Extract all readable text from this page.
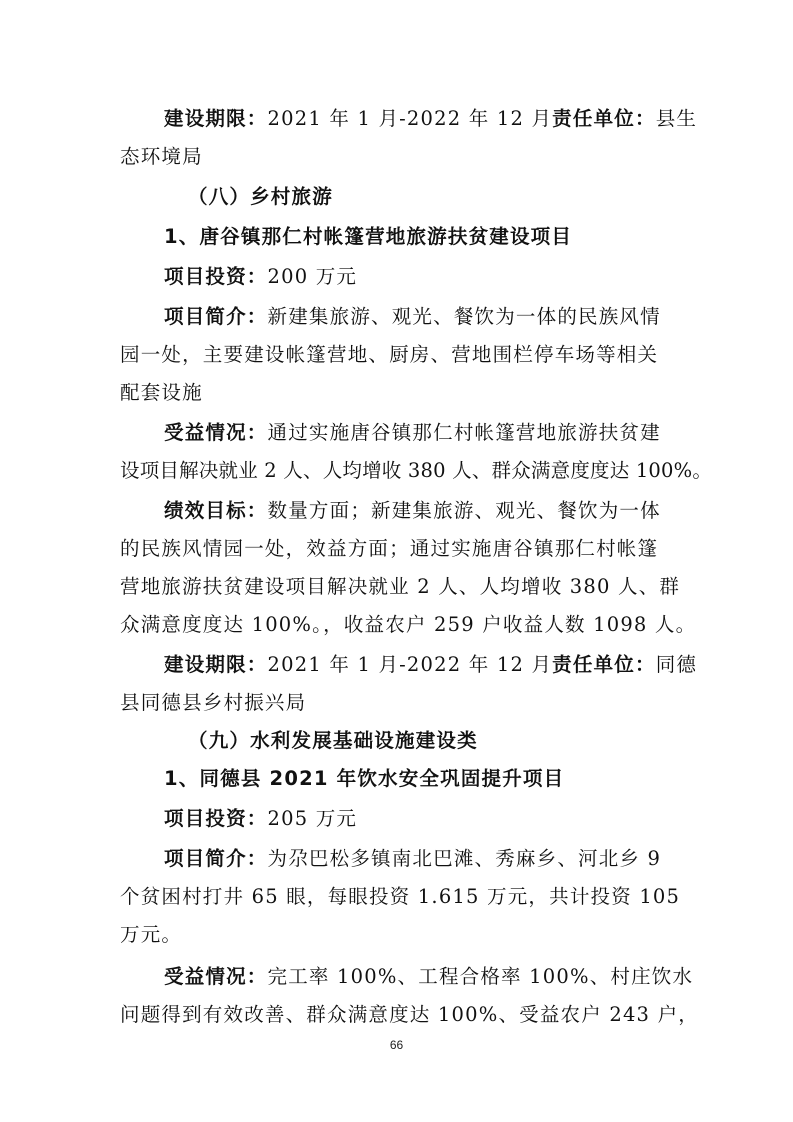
建设期限：2021 年 1 月-2022 年 12 月责任单位：县生
态环境局
（八）乡村旅游
1、唐谷镇那仁村帐篷营地旅游扶贫建设项目
项目投资：200 万元
项目简介：新建集旅游、观光、餐饮为一体的民族风情
园一处，主要建设帐篷营地、厨房、营地围栏停车场等相关
配套设施
受益情况：通过实施唐谷镇那仁村帐篷营地旅游扶贫建
设项目解决就业 2 人、人均增收 380 人、群众满意度度达 100%。
绩效目标：数量方面；新建集旅游、观光、餐饮为一体
的民族风情园一处，效益方面；通过实施唐谷镇那仁村帐篷
营地旅游扶贫建设项目解决就业 2 人、人均增收 380 人、群
众满意度度达 100%。，收益农户 259 户收益人数 1098 人。
建设期限：2021 年 1 月-2022 年 12 月责任单位：同德
县同德县乡村振兴局
（九）水利发展基础设施建设类
1、同德县 2021 年饮水安全巩固提升项目
项目投资：205 万元
项目简介：为尕巴松多镇南北巴滩、秀麻乡、河北乡 9
个贫困村打井 65 眼，每眼投资 1.615 万元，共计投资 105
万元。
受益情况：完工率 100%、工程合格率 100%、村庄饮水
问题得到有效改善、群众满意度达 100%、受益农户 243 户，
66
